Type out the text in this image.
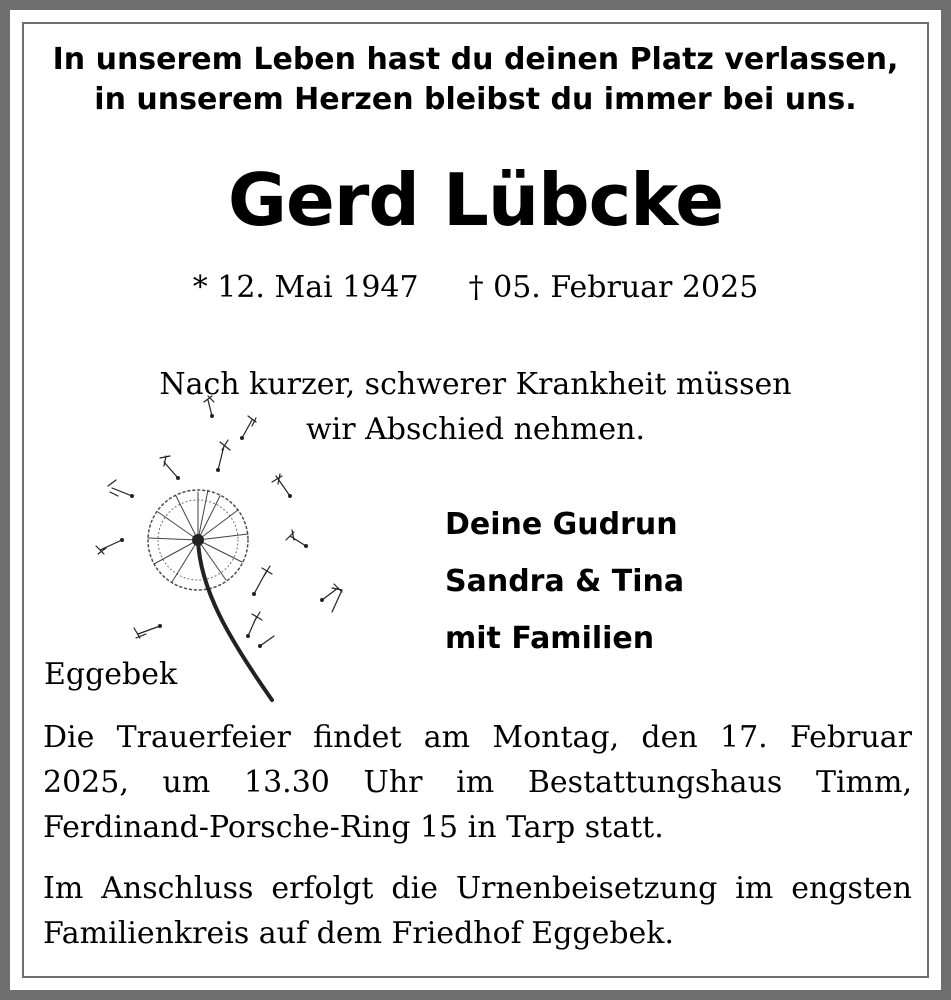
In unserem Leben hast du deinen Platz verlassen,
in unserem Herzen bleibst du immer bei uns.
Gerd Lübcke
* 12. Mai 1947 † 05. Februar 2025
Nach kurzer, schwerer Krankheit müssen
wir Abschied nehmen.
Deine Gudrun
Sandra & Tina
mit Familien
Eggebek
Die Trauerfeier findet am Montag, den 17. Februar 2025, um 13.30 Uhr im Bestattungshaus Timm, Ferdinand-Porsche-Ring 15 in Tarp statt.
Im Anschluss erfolgt die Urnenbeisetzung im engsten Familienkreis auf dem Friedhof Eggebek.
